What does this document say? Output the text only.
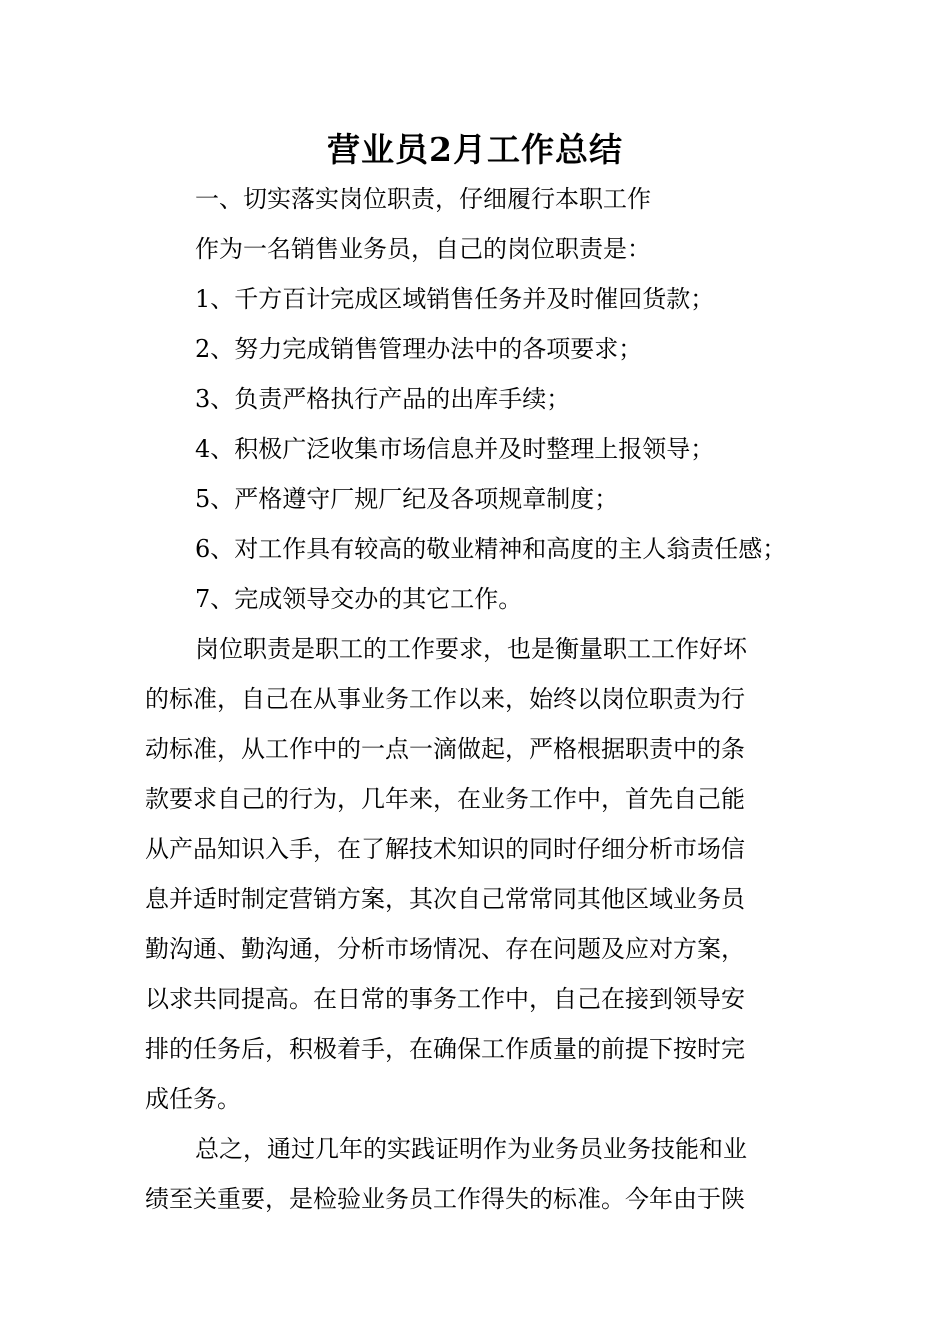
营业员2月工作总结
一、切实落实岗位职责，仔细履行本职工作
作为一名销售业务员，自己的岗位职责是：
1、千方百计完成区域销售任务并及时催回货款；
2、努力完成销售管理办法中的各项要求；
3、负责严格执行产品的出库手续；
4、积极广泛收集市场信息并及时整理上报领导；
5、严格遵守厂规厂纪及各项规章制度；
6、对工作具有较高的敬业精神和高度的主人翁责任感；
7、完成领导交办的其它工作。
岗位职责是职工的工作要求，也是衡量职工工作好坏
的标准，自己在从事业务工作以来，始终以岗位职责为行
动标准，从工作中的一点一滴做起，严格根据职责中的条
款要求自己的行为，几年来，在业务工作中，首先自己能
从产品知识入手，在了解技术知识的同时仔细分析市场信
息并适时制定营销方案，其次自己常常同其他区域业务员
勤沟通、勤沟通，分析市场情况、存在问题及应对方案，
以求共同提高。在日常的事务工作中，自己在接到领导安
排的任务后，积极着手，在确保工作质量的前提下按时完
成任务。
总之，通过几年的实践证明作为业务员业务技能和业
绩至关重要，是检验业务员工作得失的标准。今年由于陕
